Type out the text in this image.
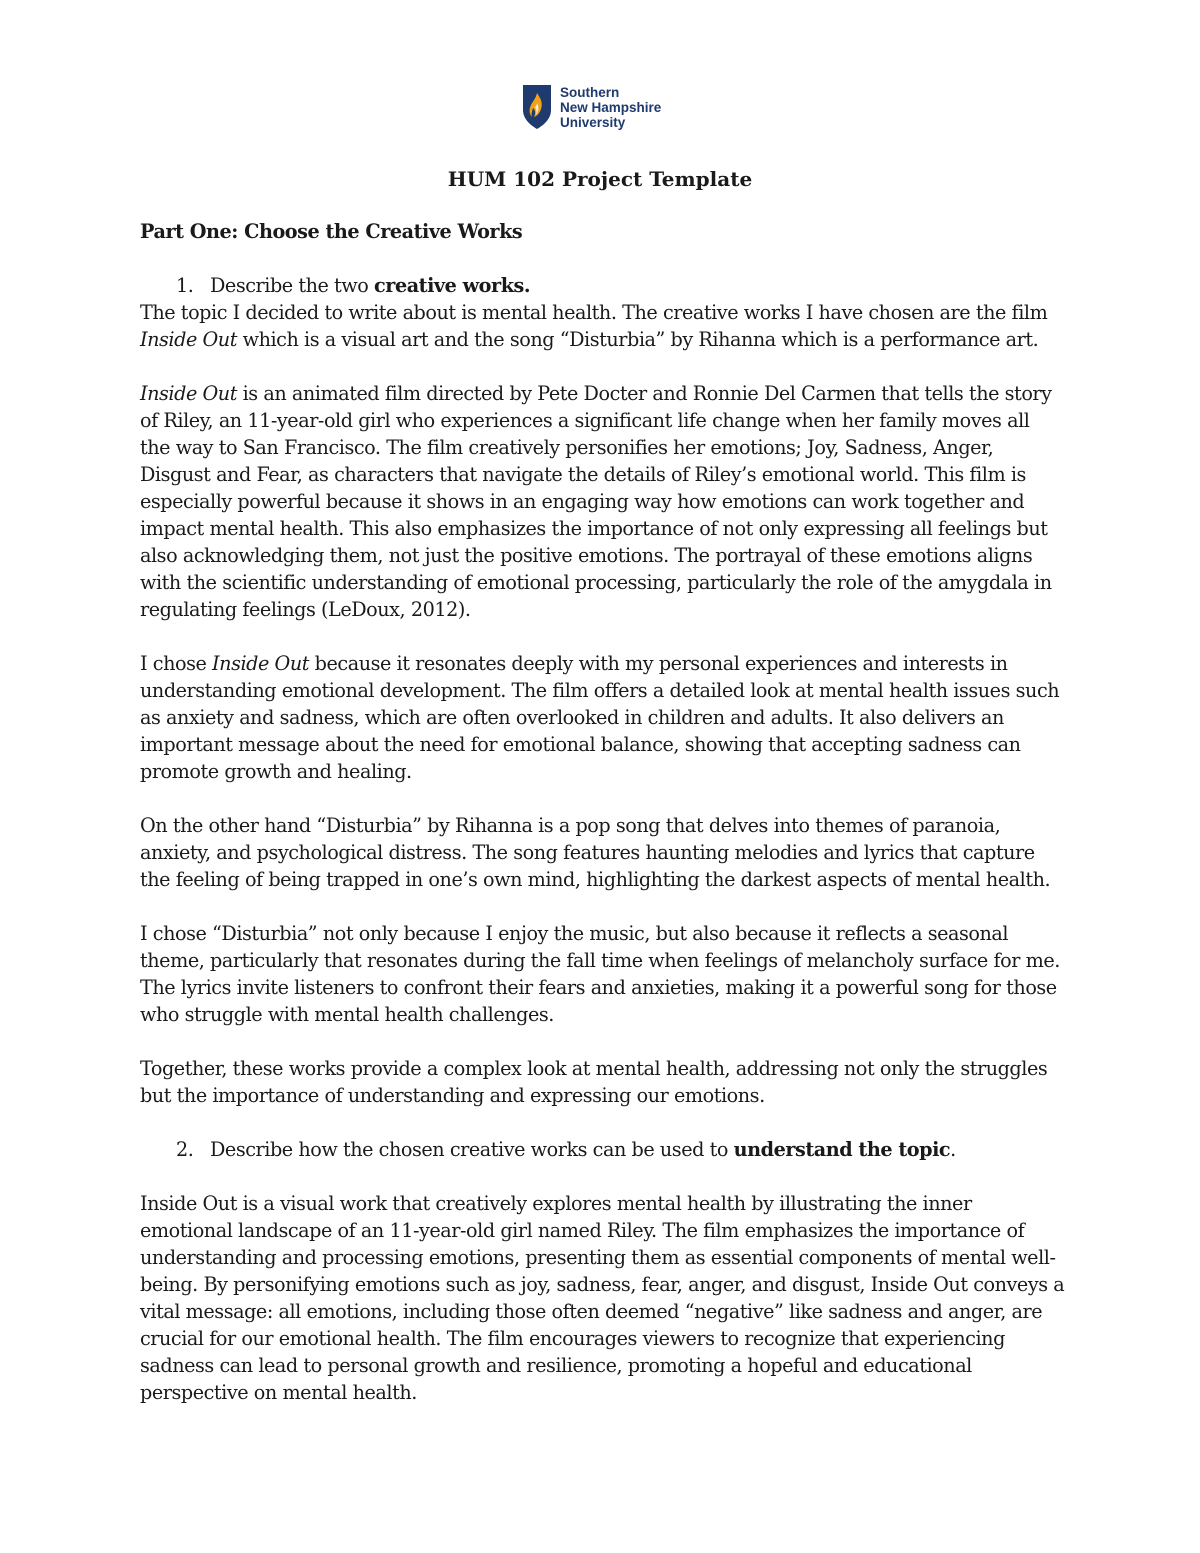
Southern
New Hampshire
University
HUM 102 Project Template

Part One: Choose the Creative Works

1. Describe the two creative works.

The topic I decided to write about is mental health. The creative works I have chosen are the film
Inside Out which is a visual art and the song “Disturbia” by Rihanna which is a performance art.

Inside Out is an animated film directed by Pete Docter and Ronnie Del Carmen that tells the story of Riley, an 11-year-old girl who experiences a significant life change when her family moves all the way to San Francisco. The film creatively personifies her emotions; Joy, Sadness, Anger, Disgust and Fear, as characters that navigate the details of Riley’s emotional world. This film is especially powerful because it shows in an engaging way how emotions can work together and impact mental health. This also emphasizes the importance of not only expressing all feelings but also acknowledging them, not just the positive emotions. The portrayal of these emotions aligns with the scientific understanding of emotional processing, particularly the role of the amygdala in regulating feelings (LeDoux, 2012).

I chose Inside Out because it resonates deeply with my personal experiences and interests in understanding emotional development. The film offers a detailed look at mental health issues such as anxiety and sadness, which are often overlooked in children and adults. It also delivers an important message about the need for emotional balance, showing that accepting sadness can promote growth and healing.

On the other hand “Disturbia” by Rihanna is a pop song that delves into themes of paranoia, anxiety, and psychological distress. The song features haunting melodies and lyrics that capture the feeling of being trapped in one’s own mind, highlighting the darkest aspects of mental health.

I chose “Disturbia” not only because I enjoy the music, but also because it reflects a seasonal theme, particularly that resonates during the fall time when feelings of melancholy surface for me. The lyrics invite listeners to confront their fears and anxieties, making it a powerful song for those who struggle with mental health challenges.

Together, these works provide a complex look at mental health, addressing not only the struggles but the importance of understanding and expressing our emotions.

2. Describe how the chosen creative works can be used to understand the topic.

Inside Out is a visual work that creatively explores mental health by illustrating the inner emotional landscape of an 11-year-old girl named Riley. The film emphasizes the importance of understanding and processing emotions, presenting them as essential components of mental well-being. By personifying emotions such as joy, sadness, fear, anger, and disgust, Inside Out conveys a vital message: all emotions, including those often deemed “negative” like sadness and anger, are crucial for our emotional health. The film encourages viewers to recognize that experiencing sadness can lead to personal growth and resilience, promoting a hopeful and educational perspective on mental health.
